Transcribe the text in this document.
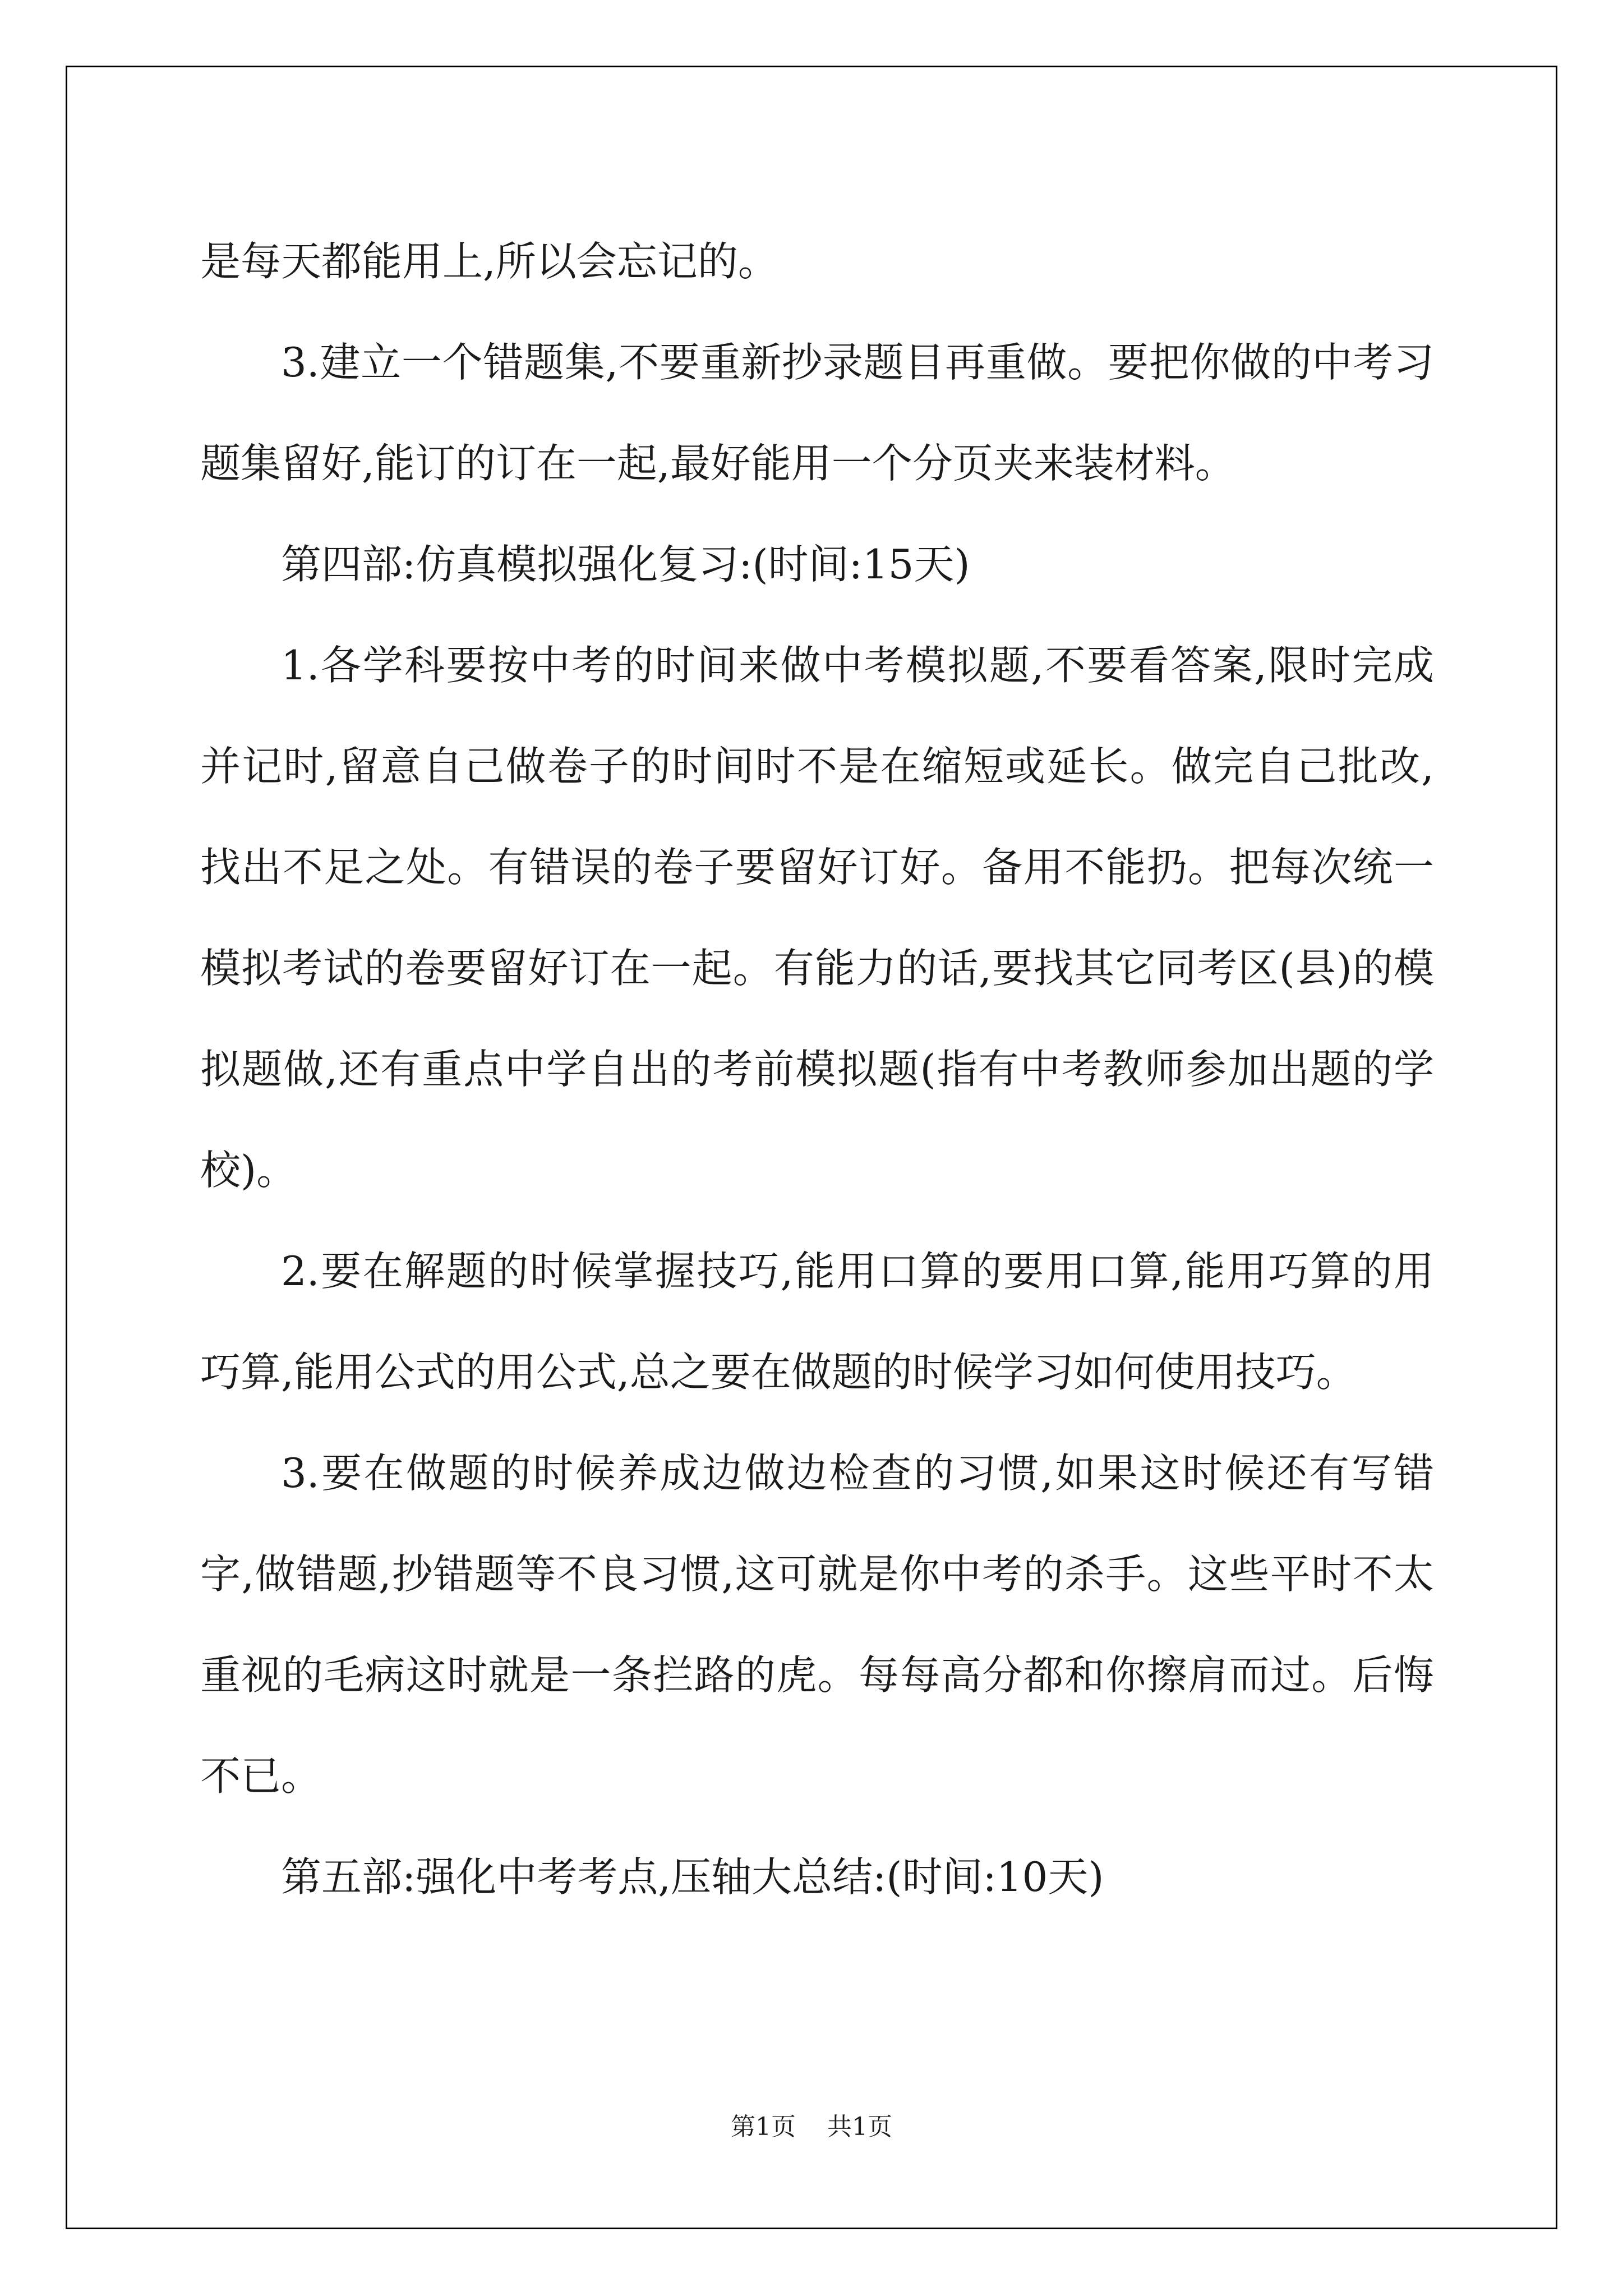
是每天都能用上,所以会忘记的。

3.建立一个错题集,不要重新抄录题目再重做。要把你做的中考习题集留好,能订的订在一起,最好能用一个分页夹来装材料。

第四部:仿真模拟强化复习:(时间:15天)

1.各学科要按中考的时间来做中考模拟题,不要看答案,限时完成并记时,留意自己做卷子的时间时不是在缩短或延长。做完自己批改,找出不足之处。有错误的卷子要留好订好。备用不能扔。把每次统一模拟考试的卷要留好订在一起。有能力的话,要找其它同考区(县)的模拟题做,还有重点中学自出的考前模拟题(指有中考教师参加出题的学校)。

2.要在解题的时候掌握技巧,能用口算的要用口算,能用巧算的用巧算,能用公式的用公式,总之要在做题的时候学习如何使用技巧。

3.要在做题的时候养成边做边检查的习惯,如果这时候还有写错字,做错题,抄错题等不良习惯,这可就是你中考的杀手。这些平时不太重视的毛病这时就是一条拦路的虎。每每高分都和你擦肩而过。后悔不已。

第五部:强化中考考点,压轴大总结:(时间:10天)

第1页 共1页
